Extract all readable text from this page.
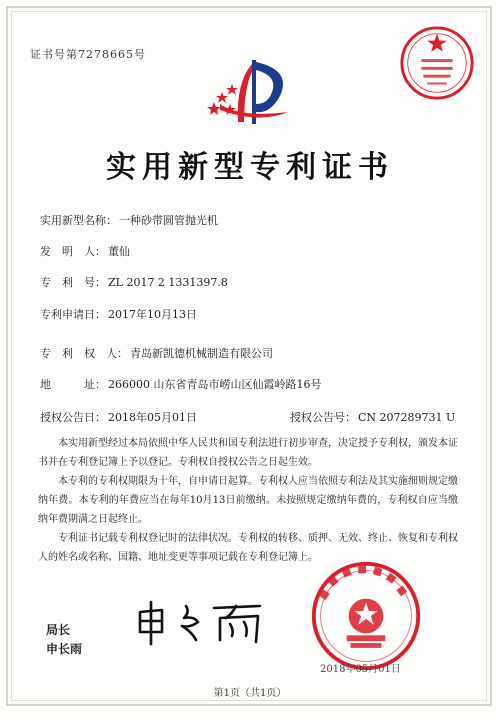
证书号第7278665号
实用新型专利证书
实用新型名称： 一种砂带圆管抛光机
发　明　人： 董仙
专　利　号： ZL 2017 2 1331397.8
专利申请日： 2017年10月13日
专　利　权　人： 青岛新凯德机械制造有限公司
地　　　址： 266000 山东省青岛市崂山区仙霞岭路16号
授权公告日： 2018年05月01日	授权公告号： CN 207289731 U

本实用新型经过本局依照中华人民共和国专利法进行初步审查，决定授予专利权，颁发本证书并在专利登记簿上予以登记。专利权自授权公告之日起生效。

本专利的专利权期限为十年，自申请日起算。专利权人应当依照专利法及其实施细则规定缴纳年费。本专利的年费应当在每年10月13日前缴纳。未按照规定缴纳年费的，专利权自应当缴纳年费期满之日起终止。

专利证书记载专利权登记时的法律状况。专利权的转移、质押、无效、终止、恢复和专利权人的姓名或名称、国籍、地址变更等事项记载在专利登记簿上。

局长
申长雨
2018年05月01日
第1页（共1页）
